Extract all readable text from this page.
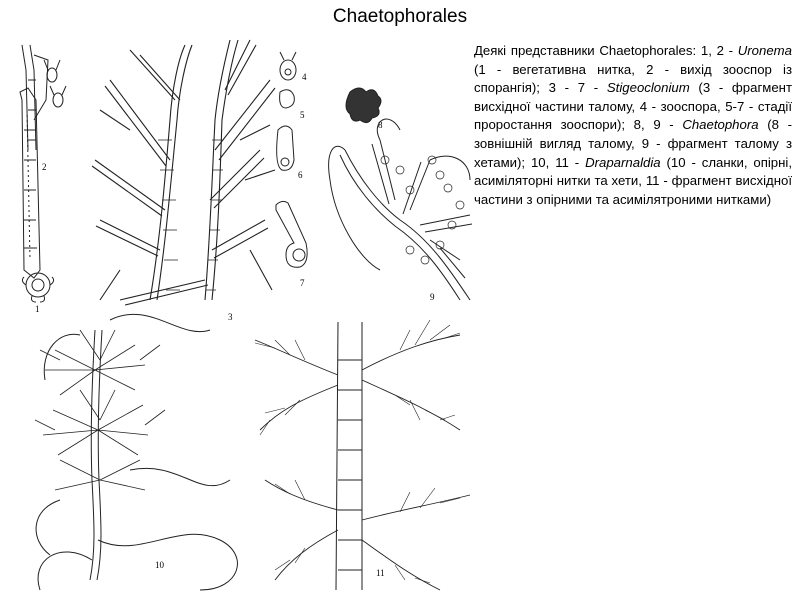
Chaetophorales
1
2
3
4
5
6
7
8
9
10
11
Деякі представники Chaetophorales: 1, 2 - Uronema (1 - вегетативна нитка, 2 - вихід зооспор із спорангія); 3 - 7 - Stigeoclonium (3 - фрагмент висхідної частини талому, 4 - зооспора, 5-7 - стадії проростання зооспори); 8, 9 - Chaetophora (8 - зовнішній вигляд талому, 9 - фрагмент талому з хетами); 10, 11 - Draparnaldia (10 - сланки, опірні, асиміляторні нитки та хети, 11 - фрагмент висхідної частини з опірними та асимілятроними нитками)
